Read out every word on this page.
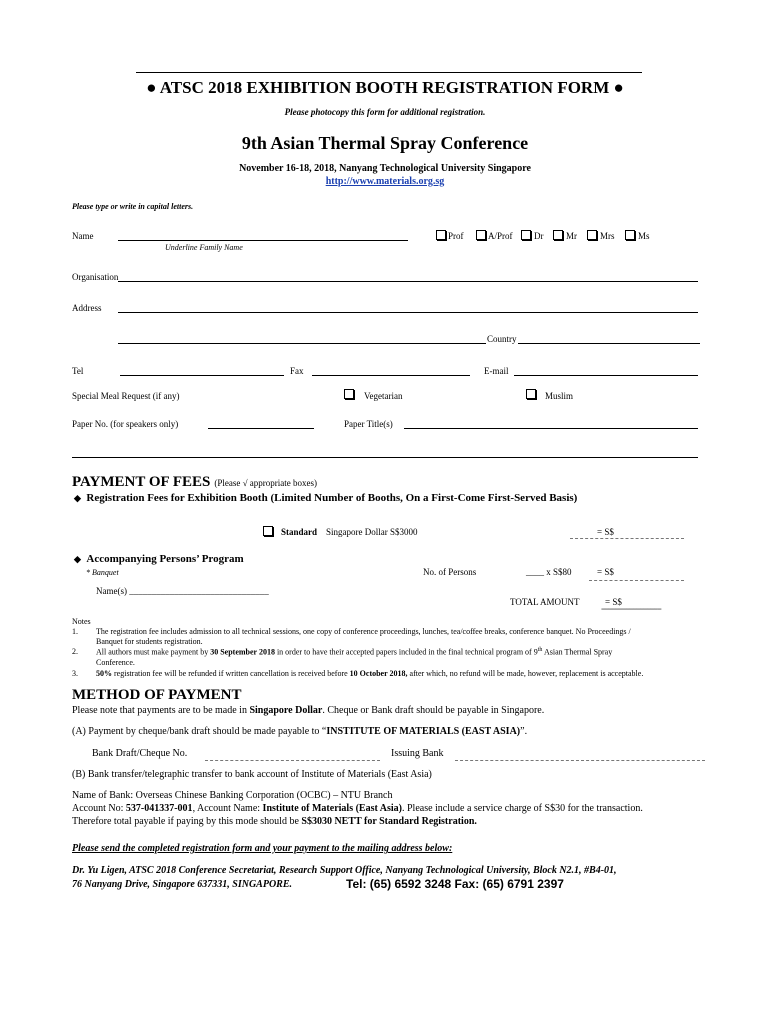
● ATSC 2018 EXHIBITION BOOTH REGISTRATION FORM ●
Please photocopy this form for additional registration.
9th Asian Thermal Spray Conference
November 16-18, 2018, Nanyang Technological University Singapore
http://www.materials.org.sg
Please type or write in capital letters.
Name
Underline Family Name
Prof	A/Prof Dr	Mr	Mrs	Ms
Organisation
Address
Country
Tel	Fax	E-mail
Special Meal Request (if any)	Vegetarian	Muslim
Paper No. (for speakers only)	Paper Title(s)
PAYMENT OF FEES (Please √ appropriate boxes)
◆ Registration Fees for Exhibition Booth (Limited Number of Booths, On a First-Come First-Served Basis)
Standard Singapore Dollar S$3000	= S$
◆ Accompanying Persons’ Program
* Banquet	No. of Persons	____ x S$80	= S$
Name(s) _______________________________
TOTAL AMOUNT	= S$
=================
Notes
1. The registration fee includes admission to all technical sessions, one copy of conference proceedings, lunches, tea/coffee breaks, conference banquet. No Proceedings /
Banquet for students registration.
2. All authors must make payment by 30 September 2018 in order to have their accepted papers included in the final technical program of 9th Asian Thermal Spray
Conference.
3. 50% registration fee will be refunded if written cancellation is received before 10 October 2018, after which, no refund will be made, however, replacement is acceptable.
METHOD OF PAYMENT
Please note that payments are to be made in Singapore Dollar. Cheque or Bank draft should be payable in Singapore.
(A) Payment by cheque/bank draft should be made payable to “INSTITUTE OF MATERIALS (EAST ASIA)”.
Bank Draft/Cheque No.	Issuing Bank
(B) Bank transfer/telegraphic transfer to bank account of Institute of Materials (East Asia)
Name of Bank: Overseas Chinese Banking Corporation (OCBC) – NTU Branch
Account No: 537-041337-001, Account Name: Institute of Materials (East Asia). Please include a service charge of S$30 for the transaction.
Therefore total payable if paying by this mode should be S$3030 NETT for Standard Registration.
Please send the completed registration form and your payment to the mailing address below:
Dr. Yu Ligen, ATSC 2018 Conference Secretariat, Research Support Office, Nanyang Technological University, Block N2.1, #B4-01,
76 Nanyang Drive, Singapore 637331, SINGAPORE.	Tel: (65) 6592 3248 Fax: (65) 6791 2397
